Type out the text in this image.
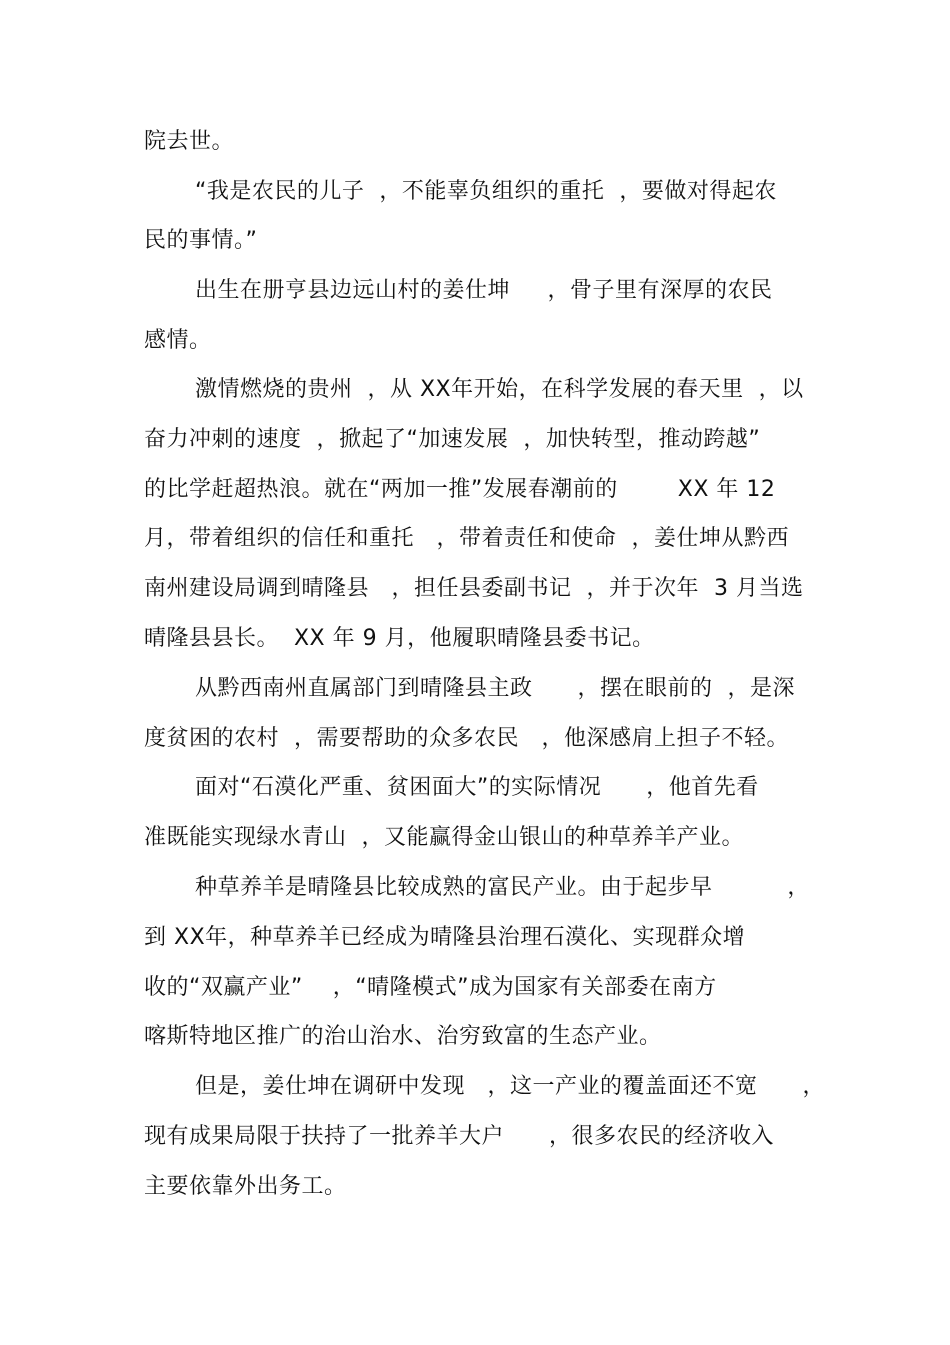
院去世。
“我是农民的儿子  ，不能辜负组织的重托  ，要做对得起农
民的事情。”
出生在册亨县边远山村的姜仕坤     ，骨子里有深厚的农民
感情。
激情燃烧的贵州  ，从 XX年开始，在科学发展的春天里  ，以
奋力冲刺的速度  ，掀起了“加速发展  ，加快转型，推动跨越”
的比学赶超热浪。就在“两加一推”发展春潮前的        XX 年 12
月，带着组织的信任和重托   ，带着责任和使命  ，姜仕坤从黔西
南州建设局调到晴隆县   ，担任县委副书记  ，并于次年  3 月当选
晴隆县县长。  XX 年 9 月，他履职晴隆县委书记。
从黔西南州直属部门到晴隆县主政      ，摆在眼前的  ，是深
度贫困的农村  ，需要帮助的众多农民   ，他深感肩上担子不轻。
面对“石漠化严重、贫困面大”的实际情况      ，他首先看
准既能实现绿水青山  ，又能赢得金山银山的种草养羊产业。
种草养羊是晴隆县比较成熟的富民产业。由于起步早          ，
到 XX年，种草养羊已经成为晴隆县治理石漠化、实现群众增
收的“双赢产业”    ，“晴隆模式”成为国家有关部委在南方
喀斯特地区推广的治山治水、治穷致富的生态产业。
但是，姜仕坤在调研中发现   ，这一产业的覆盖面还不宽      ，
现有成果局限于扶持了一批养羊大户      ，很多农民的经济收入
主要依靠外出务工。
